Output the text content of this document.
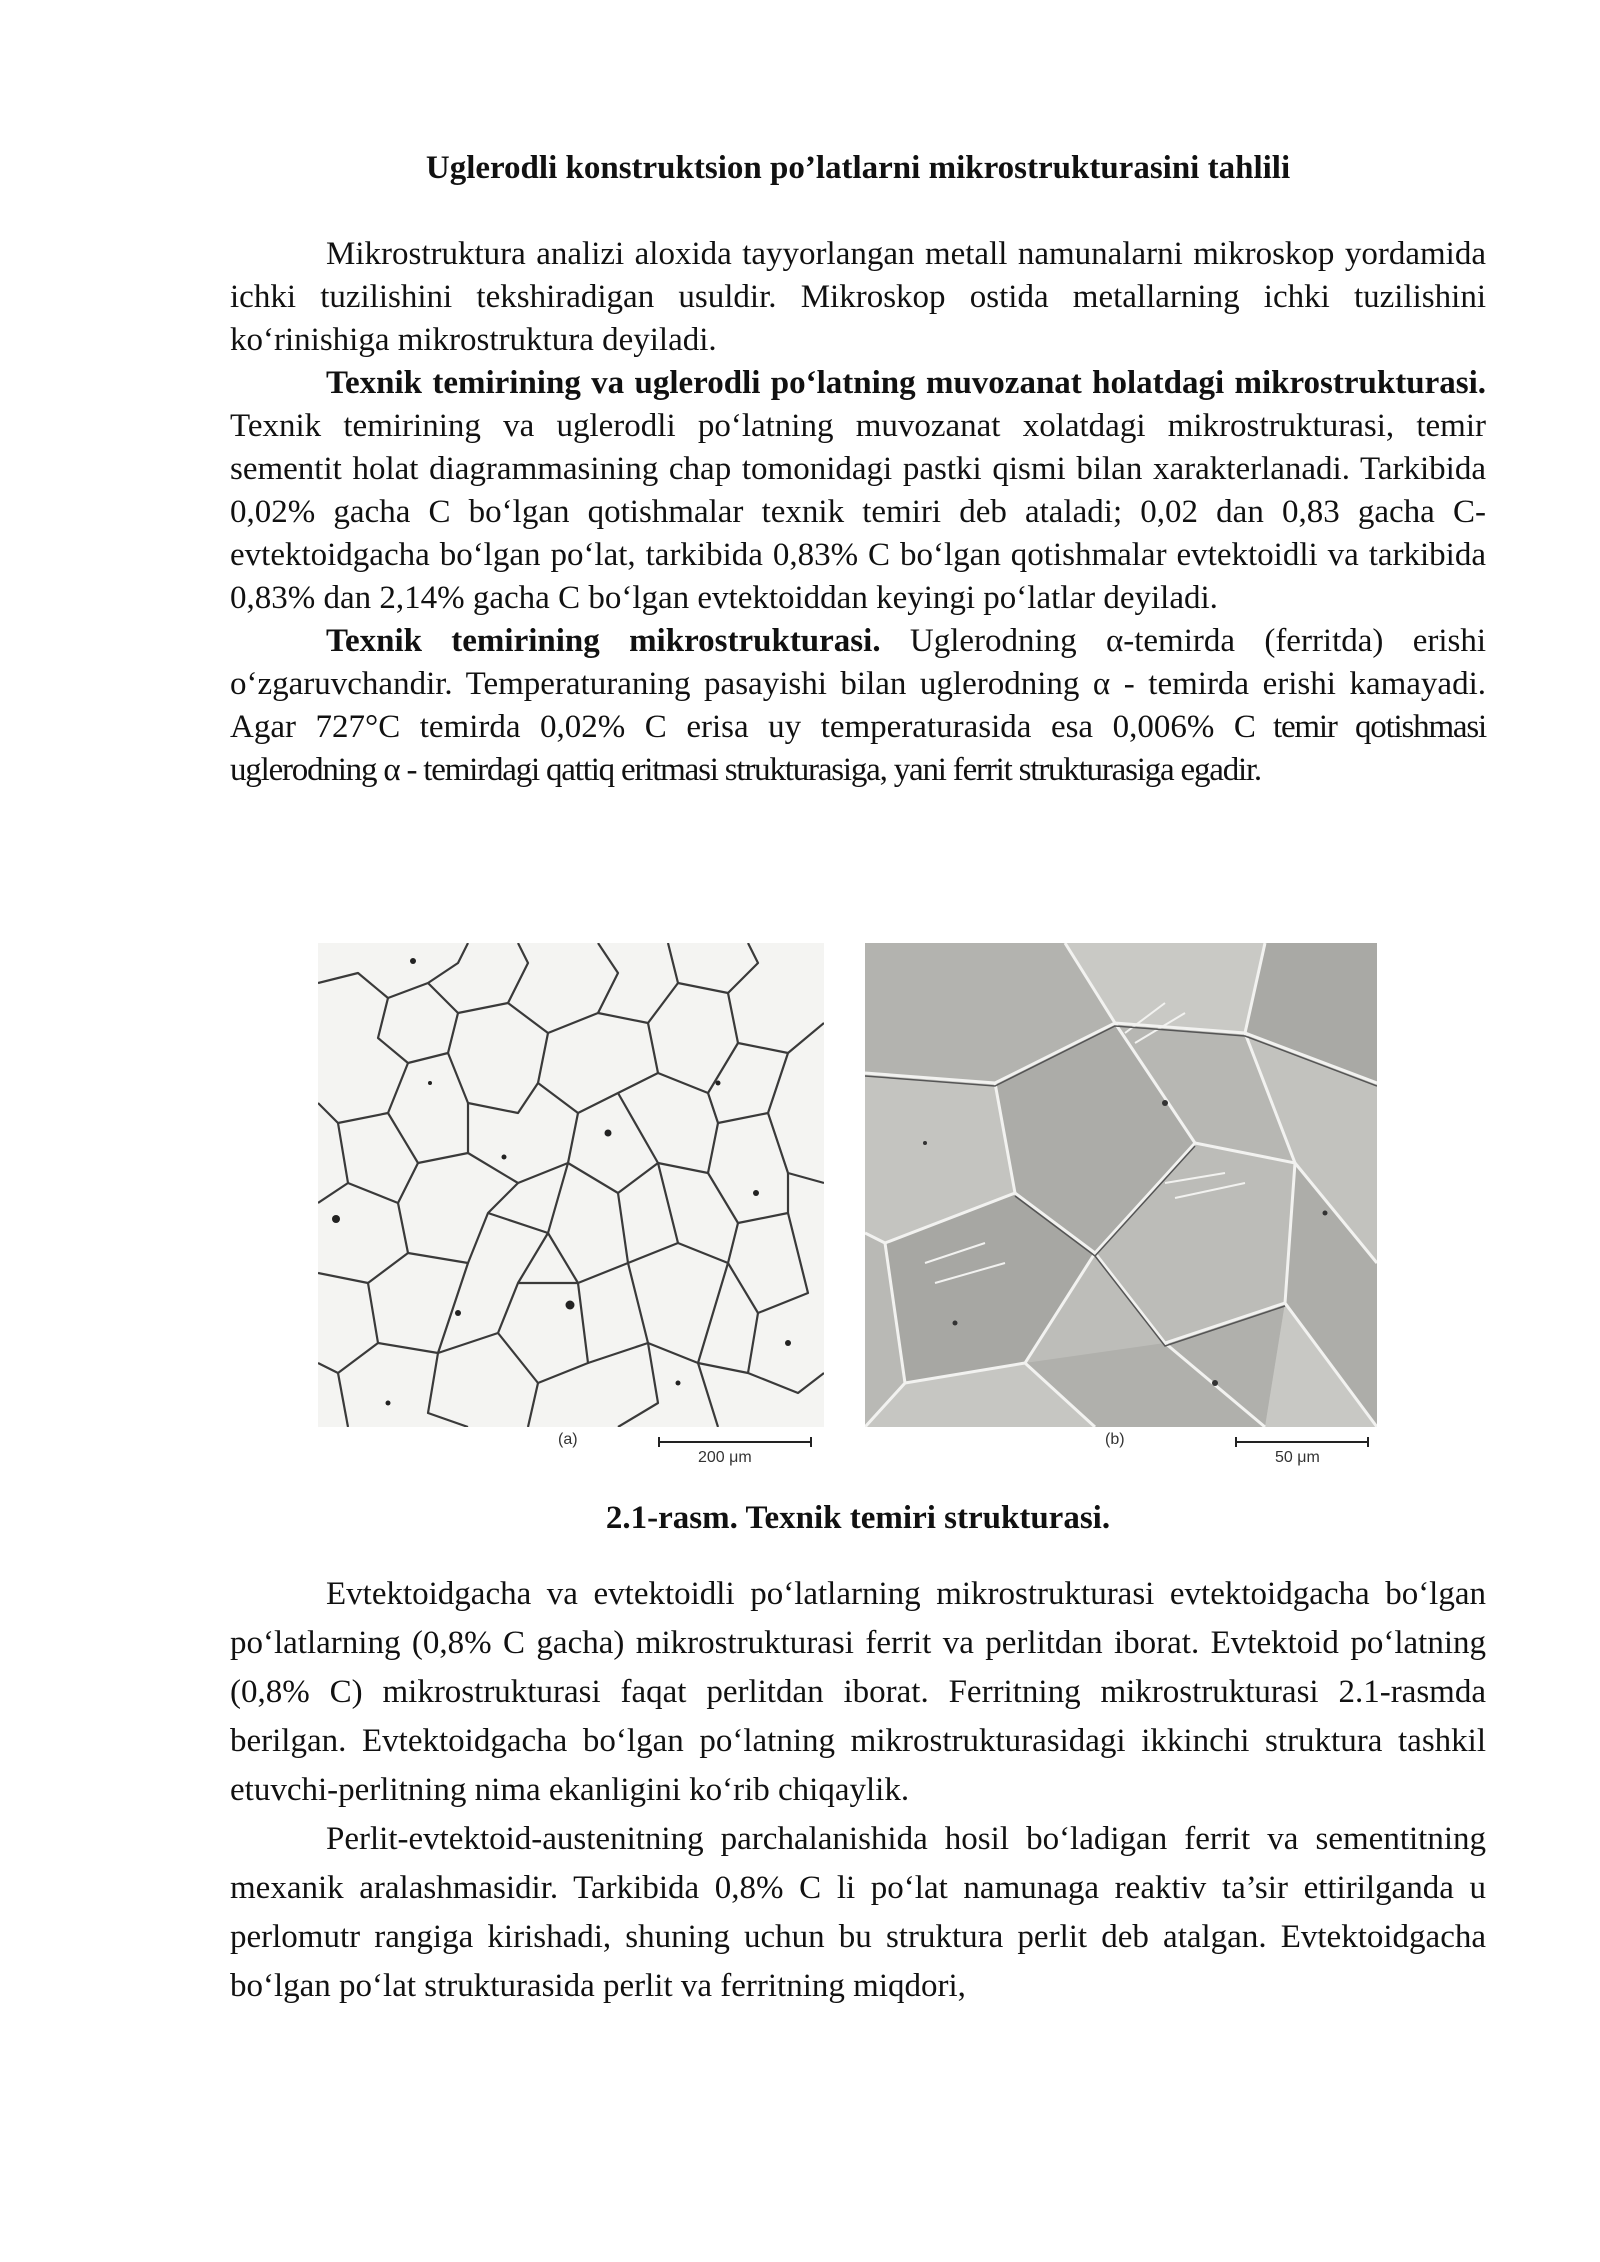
Uglerodli konstruktsion po’latlarni mikrostrukturasini tahlili

Mikrostruktura analizi aloxida tayyorlangan metall namunalarni mikroskop yordamida ichki tuzilishini tekshiradigan usuldir. Mikroskop ostida metallarning ichki tuzilishini ko‘rinishiga mikrostruktura deyiladi.

Texnik temirining va uglerodli po‘latning muvozanat holatdagi mikrostrukturasi. Texnik temirining va uglerodli po‘latning muvozanat xolatdagi mikrostrukturasi, temir sementit holat diagrammasining chap tomonidagi pastki qismi bilan xarakterlanadi. Tarkibida 0,02% gacha C bo‘lgan qotishmalar texnik temiri deb ataladi; 0,02 dan 0,83 gacha C-evtektoidgacha bo‘lgan po‘lat, tarkibida 0,83% C bo‘lgan qotishmalar evtektoidli va tarkibida 0,83% dan 2,14% gacha C bo‘lgan evtektoiddan keyingi po‘latlar deyiladi.

Texnik temirining mikrostrukturasi. Uglerodning α-temirda (ferritda) erishi o‘zgaruvchandir. Temperaturaning pasayishi bilan uglerodning α - temirda erishi kamayadi. Agar 727°C temirda 0,02% C erisa uy temperaturasida esa 0,006% C temir qotishmasi uglerodning α - temirdagi qattiq eritmasi strukturasiga, yani ferrit strukturasiga egadir.

(a)
200 μm
(b)
50 μm
2.1-rasm. Texnik temiri strukturasi.

Evtektoidgacha va evtektoidli po‘latlarning mikrostrukturasi evtektoidgacha bo‘lgan po‘latlarning (0,8% C gacha) mikrostrukturasi ferrit va perlitdan iborat. Evtektoid po‘latning (0,8% C) mikrostrukturasi faqat perlitdan iborat. Ferritning mikrostrukturasi 2.1-rasmda berilgan. Evtektoidgacha bo‘lgan po‘latning mikrostrukturasidagi ikkinchi struktura tashkil etuvchi-perlitning nima ekanligini ko‘rib chiqaylik.

Perlit-evtektoid-austenitning parchalanishida hosil bo‘ladigan ferrit va sementitning mexanik aralashmasidir. Tarkibida 0,8% C li po‘lat namunaga reaktiv ta’sir ettirilganda u perlomutr rangiga kirishadi, shuning uchun bu struktura perlit deb atalgan. Evtektoidgacha bo‘lgan po‘lat strukturasida perlit va ferritning miqdori,
